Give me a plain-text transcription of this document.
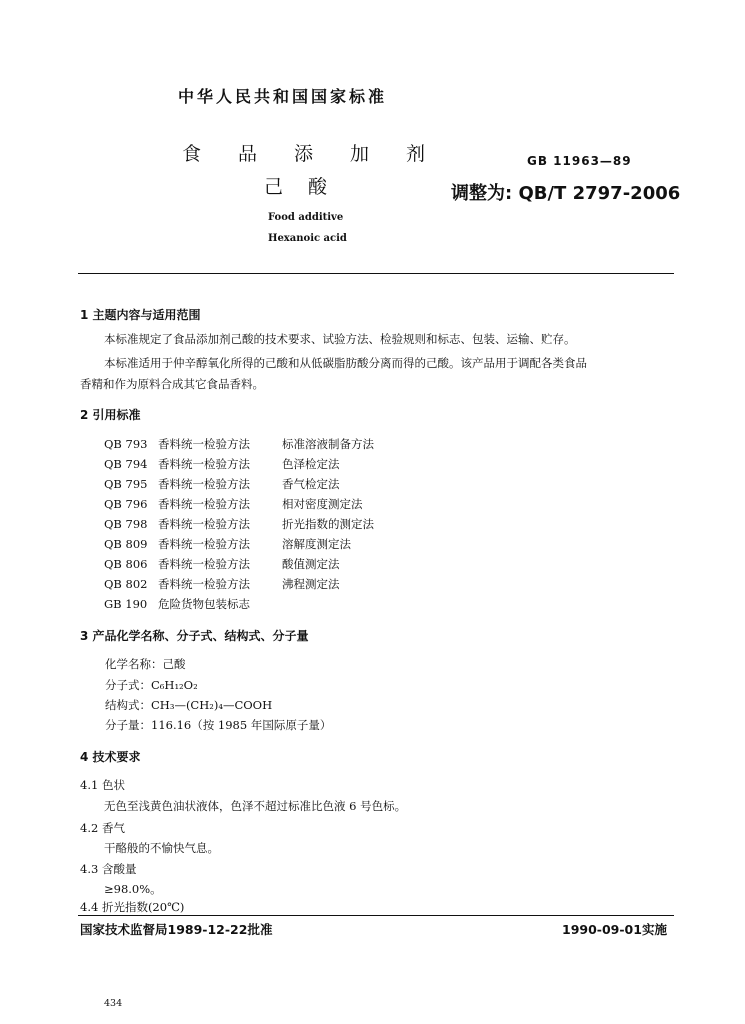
中华人民共和国国家标准
食 品 添 加 剂
己 酸
GB 11963—89
调整为: QB/T 2797-2006
Food additive
Hexanoic acid
1 主题内容与适用范围
本标准规定了食品添加剂己酸的技术要求、试验方法、检验规则和标志、包装、运输、贮存。
本标准适用于仲辛醇氧化所得的己酸和从低碳脂肪酸分离而得的己酸。该产品用于调配各类食品
香精和作为原料合成其它食品香料。
2 引用标准
QB 793 香料统一检验方法	标准溶液制备方法
QB 794 香料统一检验方法	色泽检定法
QB 795 香料统一检验方法	香气检定法
QB 796 香料统一检验方法	相对密度测定法
QB 798 香料统一检验方法	折光指数的测定法
QB 809 香料统一检验方法	溶解度测定法
QB 806 香料统一检验方法	酸值测定法
QB 802 香料统一检验方法	沸程测定法
GB 190 危险货物包装标志
3 产品化学名称、分子式、结构式、分子量
化学名称：己酸
分子式：C₆H₁₂O₂
结构式：CH₃—(CH₂)₄—COOH
分子量：116.16（按 1985 年国际原子量）
4 技术要求
4.1 色状
无色至浅黄色油状液体，色泽不超过标准比色液 6 号色标。
4.2 香气
干酪般的不愉快气息。
4.3 含酸量
≥98.0%。
4.4 折光指数(20℃)
国家技术监督局1989-12-22批准	1990-09-01实施
434
